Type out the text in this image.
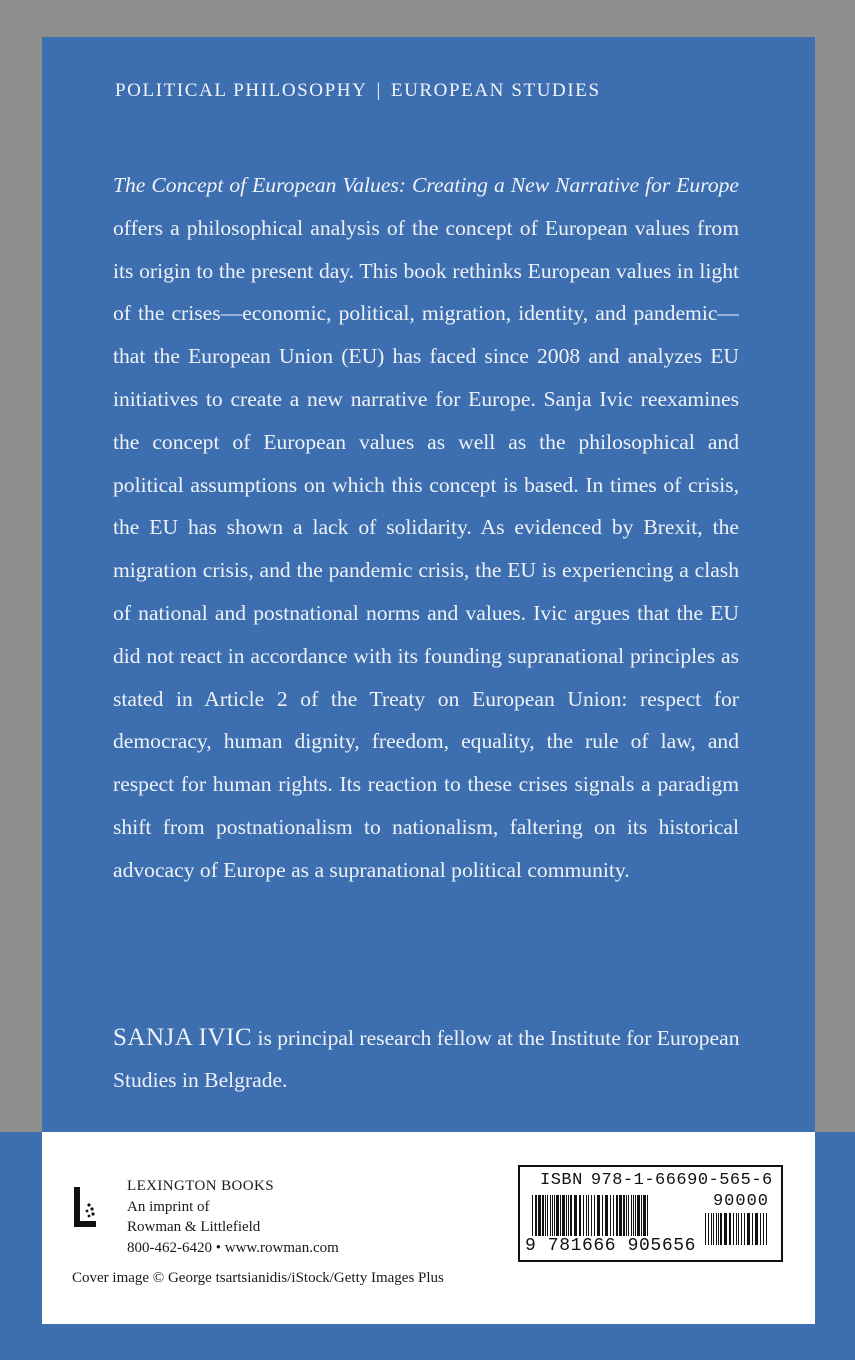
POLITICAL PHILOSOPHY | EUROPEAN STUDIES
The Concept of European Values: Creating a New Narrative for Europe offers a philosophical analysis of the concept of European values from its origin to the present day. This book rethinks European values in light of the crises—economic, political, migration, identity, and pandemic—that the European Union (EU) has faced since 2008 and analyzes EU initiatives to create a new narrative for Europe. Sanja Ivic reexamines the concept of European values as well as the philosophical and political assumptions on which this concept is based. In times of crisis, the EU has shown a lack of solidarity. As evidenced by Brexit, the migration crisis, and the pandemic crisis, the EU is experiencing a clash of national and postnational norms and values. Ivic argues that the EU did not react in accordance with its founding supranational principles as stated in Article 2 of the Treaty on European Union: respect for democracy, human dignity, freedom, equality, the rule of law, and respect for human rights. Its reaction to these crises signals a paradigm shift from postnationalism to nationalism, faltering on its historical advocacy of Europe as a supranational political community.
SANJA IVIC is principal research fellow at the Institute for European Studies in Belgrade.
LEXINGTON BOOKS
An imprint of
Rowman & Littlefield
800-462-6420 • www.rowman.com
Cover image © George tsartsianidis/iStock/Getty Images Plus
ISBN 978-1-66690-565-6
90000
9 781666 905656
